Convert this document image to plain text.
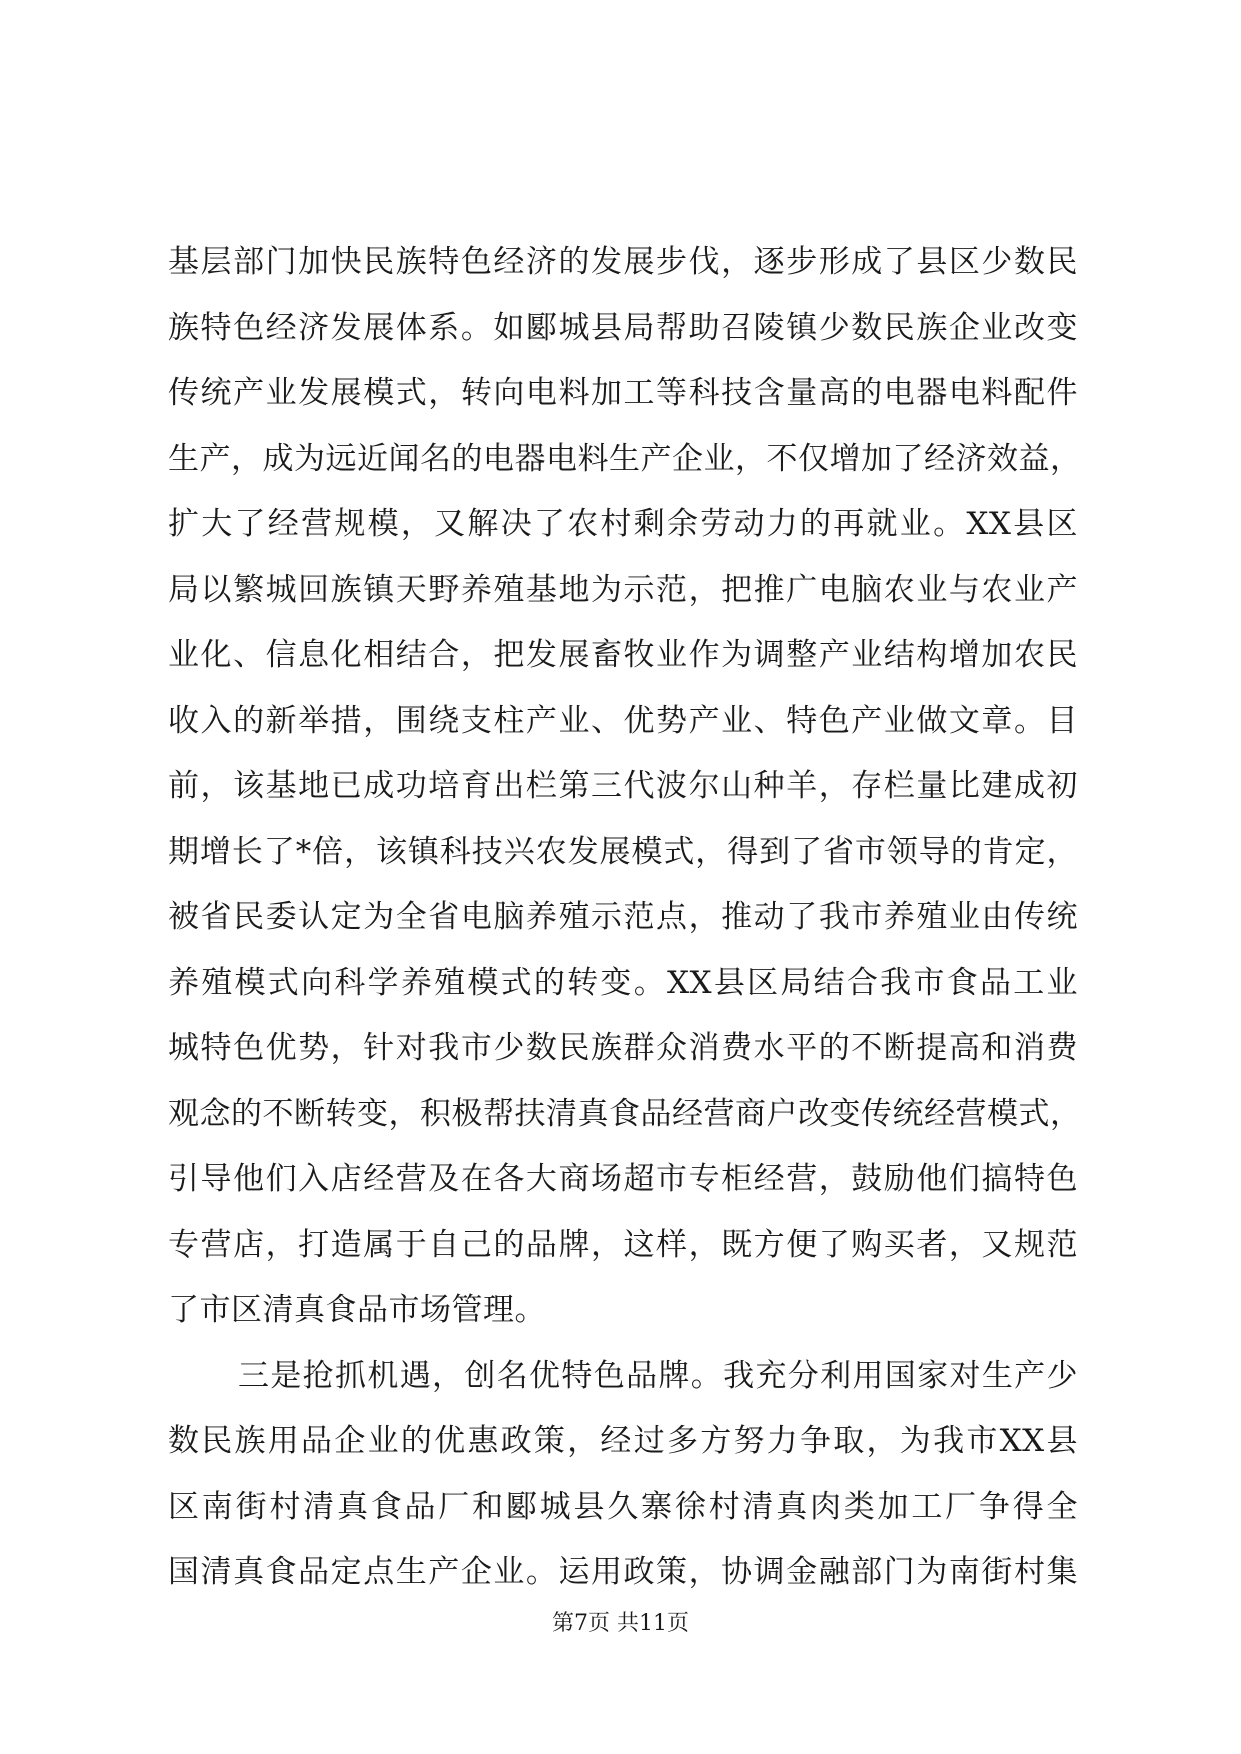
基层部门加快民族特色经济的发展步伐，逐步形成了县区少数民
族特色经济发展体系。如郾城县局帮助召陵镇少数民族企业改变
传统产业发展模式，转向电料加工等科技含量高的电器电料配件
生产，成为远近闻名的电器电料生产企业，不仅增加了经济效益，
扩大了经营规模，又解决了农村剩余劳动力的再就业。XX县区
局以繁城回族镇天野养殖基地为示范，把推广电脑农业与农业产
业化、信息化相结合，把发展畜牧业作为调整产业结构增加农民
收入的新举措，围绕支柱产业、优势产业、特色产业做文章。目
前，该基地已成功培育出栏第三代波尔山种羊，存栏量比建成初
期增长了*倍，该镇科技兴农发展模式，得到了省市领导的肯定，
被省民委认定为全省电脑养殖示范点，推动了我市养殖业由传统
养殖模式向科学养殖模式的转变。XX县区局结合我市食品工业
城特色优势，针对我市少数民族群众消费水平的不断提高和消费
观念的不断转变，积极帮扶清真食品经营商户改变传统经营模式，
引导他们入店经营及在各大商场超市专柜经营，鼓励他们搞特色
专营店，打造属于自己的品牌，这样，既方便了购买者，又规范
了市区清真食品市场管理。
三是抢抓机遇，创名优特色品牌。我充分利用国家对生产少
数民族用品企业的优惠政策，经过多方努力争取，为我市XX县
区南街村清真食品厂和郾城县久寨徐村清真肉类加工厂争得全
国清真食品定点生产企业。运用政策，协调金融部门为南街村集
第7页 共11页
